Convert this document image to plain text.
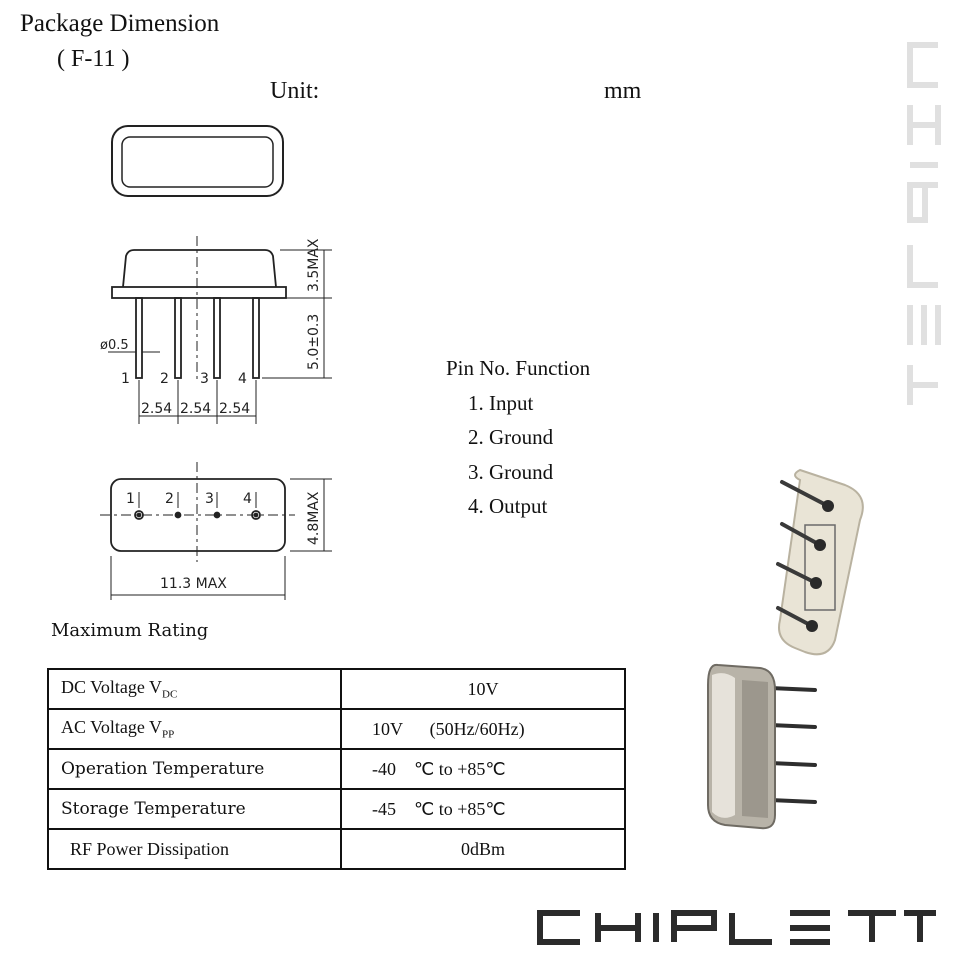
Package Dimension
( F-11 )
Unit:	mm
ø0.5
3.5MAX
5.0±0.3
1 2 3 4
2.54 2.54 2.54
1 2 3 4	4.8MAX
11.3 MAX
Pin No. Function
1. Input
2. Ground
3. Ground
4. Output
Maximum Rating
DC Voltage $V_{DC}$	10V
AC Voltage $V_{PP}$	10V      (50Hz/60Hz)
Operation Temperature	-40    ℃ to +85℃
Storage Temperature	-45    ℃ to +85℃
RF Power Dissipation	0dBm
